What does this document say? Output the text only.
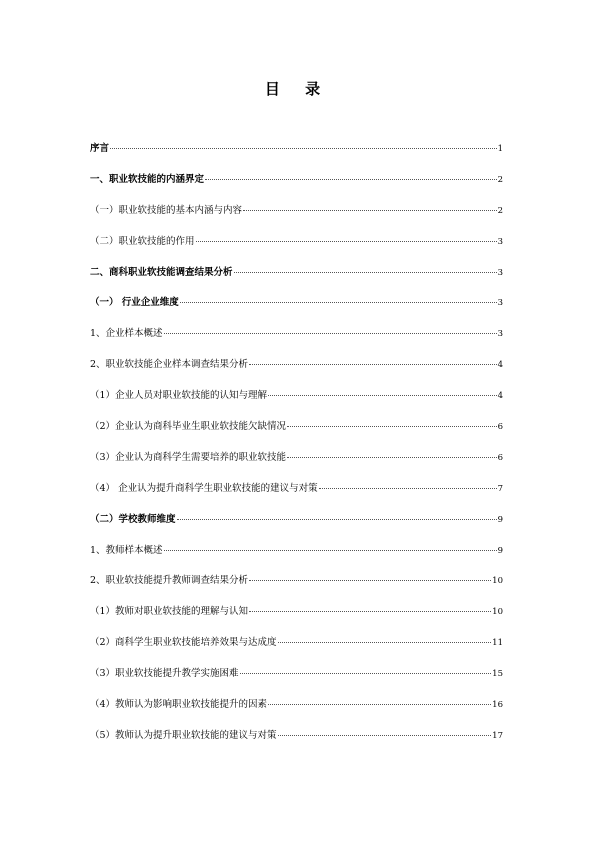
目 录
序言	1
一、职业软技能的内涵界定	2
（一）职业软技能的基本内涵与内容	2
（二）职业软技能的作用	3
二、商科职业软技能调查结果分析	3
（一） 行业企业维度	3
1、企业样本概述	3
2、职业软技能企业样本调查结果分析	4
（1）企业人员对职业软技能的认知与理解	4
（2）企业认为商科毕业生职业软技能欠缺情况	6
（3）企业认为商科学生需要培养的职业软技能	6
（4） 企业认为提升商科学生职业软技能的建议与对策	7
（二）学校教师维度	9
1、教师样本概述	9
2、职业软技能提升教师调查结果分析	10
（1）教师对职业软技能的理解与认知	10
（2）商科学生职业软技能培养效果与达成度	11
（3）职业软技能提升教学实施困难	15
（4）教师认为影响职业软技能提升的因素	16
（5）教师认为提升职业软技能的建议与对策	17
